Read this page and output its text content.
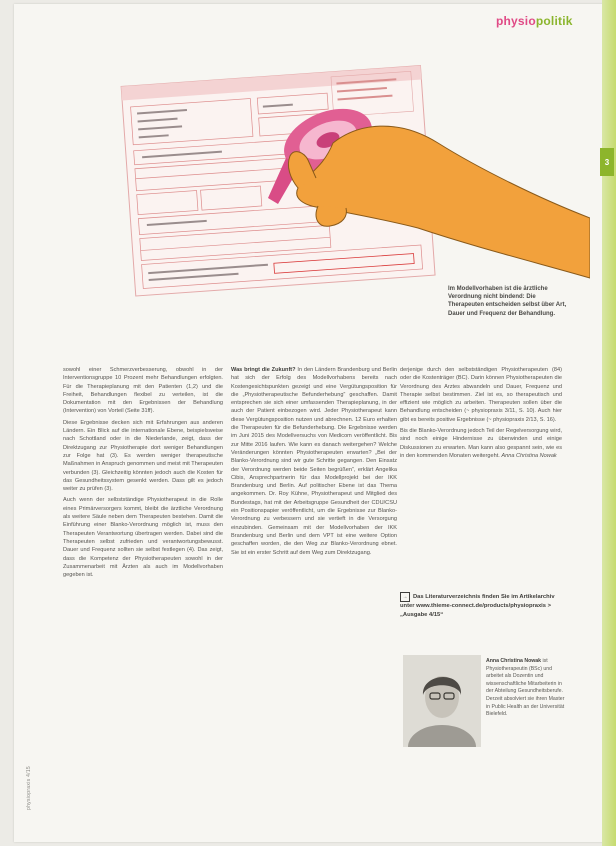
3
physiopolitik
Im Modellvorhaben ist die ärztliche Verordnung nicht bindend: Die Therapeuten entscheiden selbst über Art, Dauer und Frequenz der Behandlung.

sowohl einer Schmerzverbesserung, obwohl in der Interventionsgruppe 10 Prozent mehr Behandlungen erfolgten. Für die Therapieplanung mit den Patienten (1,2) und die Freiheit, Behandlungen flexibel zu verteilen, ist die Dokumentation mit den Ergebnissen der Behandlung (Intervention) von Vorteil (Seite 31ff).

Diese Ergebnisse decken sich mit Erfahrungen aus anderen Ländern. Ein Blick auf die internationale Ebene, beispielsweise nach Schottland oder in die Niederlande, zeigt, dass der Direktzugang zur Physiotherapie dort weniger Behandlungen zur Folge hat (3). Es werden weniger therapeutische Maßnahmen in Anspruch genommen und meist mit Therapeuten verbunden (3). Gleichzeitig könnten jedoch auch die Kosten für das Gesundheitssystem gesenkt werden. Dass gilt es jedoch weiter zu prüfen (3).

Auch wenn der selbstständige Physiotherapeut in die Rolle eines Primärversorgers kommt, bleibt die ärztliche Verordnung als weitere Säule neben dem Therapeuten bestehen. Damit die Einführung einer Blanko-Verordnung möglich ist, muss den Therapeuten Verantwortung übertragen werden. Dabei sind die Therapeuten selbst zufrieden und verantwortungsbewusst. Dauer und Frequenz sollten sie selbst festlegen (4). Das zeigt, dass die Kompetenz der Physiotherapeuten sowohl in der Zusammenarbeit mit Ärzten als auch im Modellvorhaben gegeben ist.

Was bringt die Zukunft? In den Ländern Brandenburg und Berlin hat sich der Erfolg des Modellvorhabens bereits nach Kostengesichtspunkten gezeigt und eine Vergütungsposition für die „Physiotherapeutische Befunderhebung“ geschaffen. Damit entsprechen sie sich einer umfassenden Therapieplanung, in der auch der Patient einbezogen wird. Jeder Physiotherapeut kann diese Vergütungsposition nutzen und abrechnen. 12 Euro erhalten die Therapeuten für die Befunderhebung. Die Ergebnisse werden im Juni 2015 des Modellversuchs von Medicom veröffentlicht. Bis zur Mitte 2016 laufen. Wie kann es danach weitergehen? Welche Veränderungen könnten Physiotherapeuten erwarten? „Bei der Blanko-Verordnung sind wir gute Schritte gegangen. Den Einsatz der Verordnung werden beide Seiten begrüßen“, erklärt Angelika Cibis, Ansprechpartnerin für das Modellprojekt bei der IKK Brandenburg und Berlin. Auf politischer Ebene ist das Thema angekommen. Dr. Roy Kühne, Physiotherapeut und Mitglied des Bundestags, hat mit der Arbeitsgruppe Gesundheit der CDU/CSU ein Positionspapier veröffentlicht, um die Ergebnisse zur Blanko-Verordnung zu verbessern und sie vertieft in die Versorgung einzubinden. Gemeinsam mit der Modellvorhaben der IKK Brandenburg und Berlin und dem VPT ist eine weitere Option geschaffen worden, die den Weg zur Blanko-Verordnung ebnet. Sie ist ein erster Schritt auf dem Weg zum Direktzugang.

derjenige durch den selbstständigen Physiotherapeuten (84) oder die Kostenträger (BC). Darin können Physiotherapeuten die Verordnung des Arztes abwandeln und Dauer, Frequenz und Therapie selbst bestimmen. Ziel ist es, so therapeutisch und effizient wie möglich zu arbeiten. Therapeuten sollen über die Behandlung entscheiden (~ physiopraxis 3/11, S. 10). Auch hier gibt es bereits positive Ergebnisse (~ physiopraxis 2/13, S. 16).

Bis die Blanko-Verordnung jedoch Teil der Regelversorgung wird, sind noch einige Hindernisse zu überwinden und einige Diskussionen zu erwarten. Man kann also gespannt sein, wie es in den kommenden Monaten weitergeht. Anna Christina Nowak

→ Das Literaturverzeichnis finden Sie im Artikelarchiv unter www.thieme-connect.de/products/physiopraxis > „Ausgabe 4/15“
Anna Christina Nowak ist Physiotherapeutin (BSc) und arbeitet als Dozentin und wissenschaftliche Mitarbeiterin in der Abteilung Gesundheitsberufe. Derzeit absolviert sie ihren Master in Public Health an der Universität Bielefeld.
physiopraxis 4/15
